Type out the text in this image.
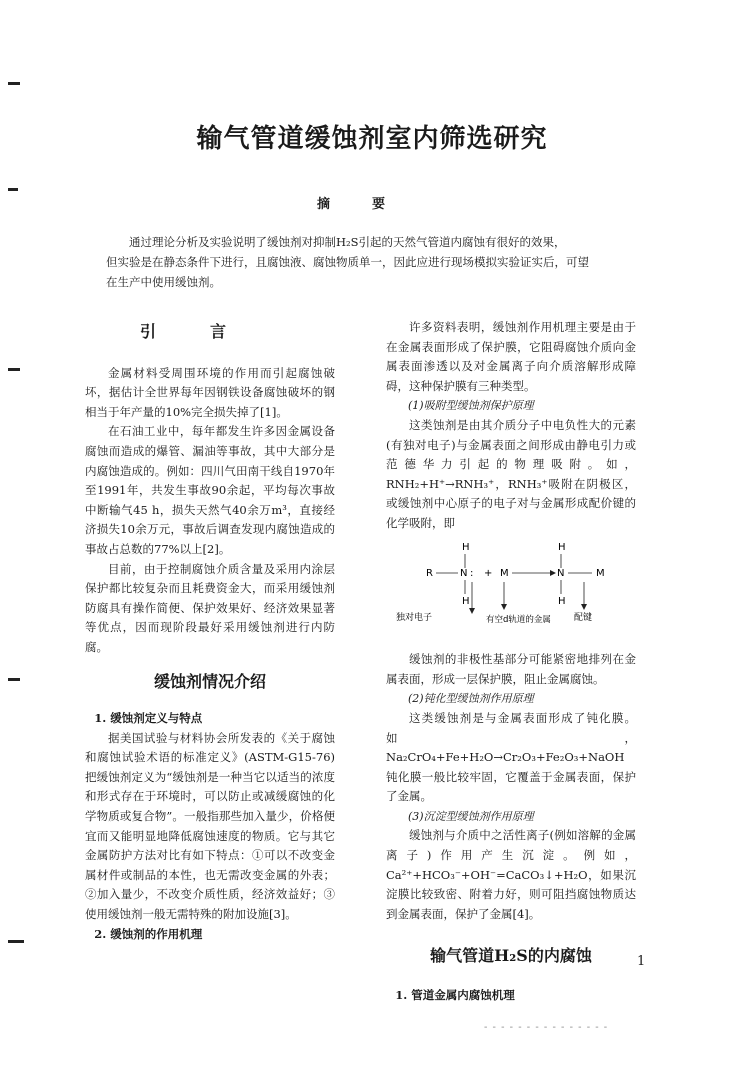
输气管道缓蚀剂室内筛选研究
摘要
通过理论分析及实验说明了缓蚀剂对抑制H₂S引起的天然气管道内腐蚀有很好的效果，
但实验是在静态条件下进行，且腐蚀液、腐蚀物质单一，因此应进行现场模拟实验证实后，可望
在生产中使用缓蚀剂。
引言

金属材料受周围环境的作用而引起腐蚀破坏，据估计全世界每年因钢铁设备腐蚀破坏的钢相当于年产量的10%完全损失掉了[1]。

在石油工业中，每年都发生许多因金属设备腐蚀而造成的爆管、漏油等事故，其中大部分是内腐蚀造成的。例如：四川气田南干线自1970年至1991年，共发生事故90余起，平均每次事故中断输气45 h，损失天然气40余万m³，直接经济损失10余万元，事故后调查发现内腐蚀造成的事故占总数的77%以上[2]。

目前，由于控制腐蚀介质含量及采用内涂层保护都比较复杂而且耗费资金大，而采用缓蚀剂防腐具有操作简便、保护效果好、经济效果显著等优点，因而现阶段最好采用缓蚀剂进行内防腐。

缓蚀剂情况介绍
1. 缓蚀剂定义与特点

据美国试验与材料协会所发表的《关于腐蚀和腐蚀试验术语的标准定义》(ASTM-G15-76)把缓蚀剂定义为“缓蚀剂是一种当它以适当的浓度和形式存在于环境时，可以防止或减缓腐蚀的化学物质或复合物”。一般指那些加入量少，价格便宜而又能明显地降低腐蚀速度的物质。它与其它金属防护方法对比有如下特点：①可以不改变金属材件或制品的本性，也无需改变金属的外表；②加入量少，不改变介质性质，经济效益好；③使用缓蚀剂一般无需特殊的附加设施[3]。

2. 缓蚀剂的作用机理

许多资料表明，缓蚀剂作用机理主要是由于在金属表面形成了保护膜，它阻碍腐蚀介质向金属表面渗透以及对金属离子向介质溶解形成障碍，这种保护膜有三种类型。

(1)吸附型缓蚀剂保护原理

这类蚀剂是由其介质分子中电负性大的元素(有独对电子)与金属表面之间形成由静电引力或范德华力引起的物理吸附。如，RNH₂+H⁺→RNH₃⁺，RNH₃⁺吸附在阴极区，或缓蚀剂中心原子的电子对与金属形成配价键的化学吸附，即

H	H
R	N : + M	N	M
H	H
独对电子	配键
有空d轨道的金属

缓蚀剂的非极性基部分可能紧密地排列在金属表面，形成一层保护膜，阻止金属腐蚀。

(2)钝化型缓蚀剂作用原理

这类缓蚀剂是与金属表面形成了钝化膜。如，Na₂CrO₄+Fe+H₂O→Cr₂O₃+Fe₂O₃+NaOH 钝化膜一般比较牢固，它覆盖于金属表面，保护了金属。

(3)沉淀型缓蚀剂作用原理

缓蚀剂与介质中之活性离子(例如溶解的金属离子)作用产生沉淀。例如，Ca²⁺+HCO₃⁻+OH⁻=CaCO₃↓+H₂O，如果沉淀膜比较致密、附着力好，则可阻挡腐蚀物质达到金属表面，保护了金属[4]。

输气管道H₂S的内腐蚀
1. 管道金属内腐蚀机理
1
- - - - - - - - - - - - - - -
